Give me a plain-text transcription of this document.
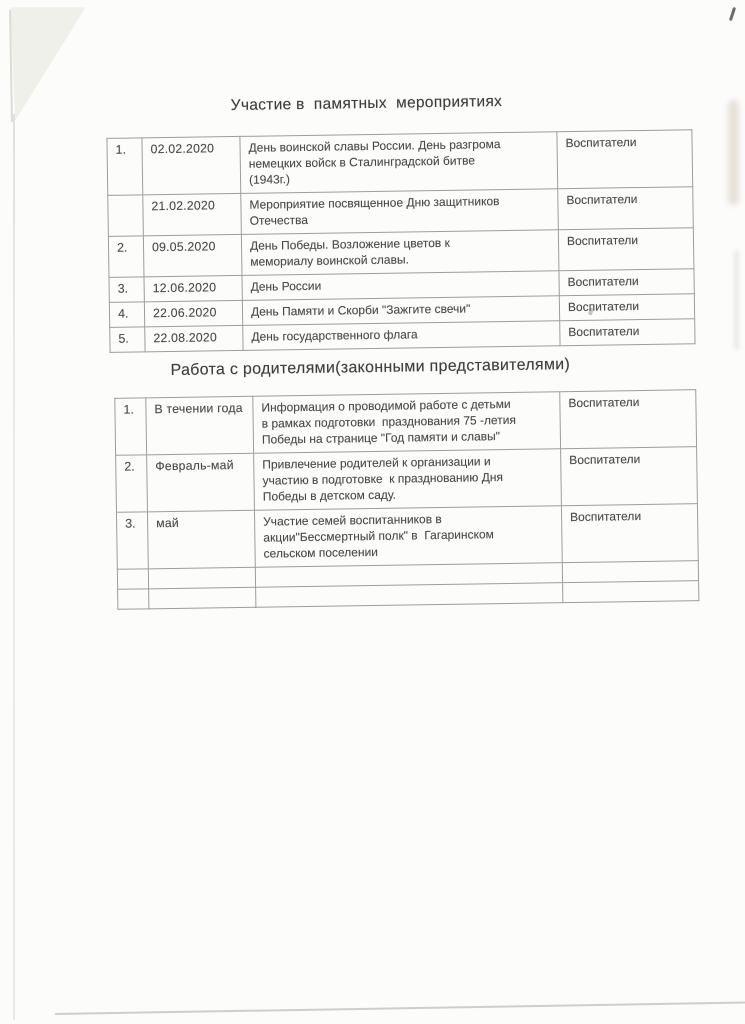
Участие в  памятных  мероприятиях
1.	02.02.2020	День воинской славы России. День разгрома
немецких войск в Сталинградской битве
(1943г.)	Воспитатели
	21.02.2020	Мероприятие посвященное Дню защитников
Отечества	Воспитатели
2.	09.05.2020	День Победы. Возложение цветов к
мемориалу воинской славы.	Воспитатели
3.	12.06.2020	День России	Воспитатели
4.	22.06.2020	День Памяти и Скорби "Зажгите свечи"	Воспитатели
5.	22.08.2020	День государственного флага	Воспитатели
Работа с родителями(законными представителями)
1.	В течении года	Информация о проводимой работе с детьми
в рамках подготовки  празднования 75 -летия
Победы на странице "Год памяти и славы"	Воспитатели
2.	Февраль-май	Привлечение родителей к организации и
участию в подготовке  к празднованию Дня
Победы в детском саду.	Воспитатели
3.	май	Участие семей воспитанников в
акции"Бессмертный полк" в  Гагаринском
сельском поселении	Воспитатели
